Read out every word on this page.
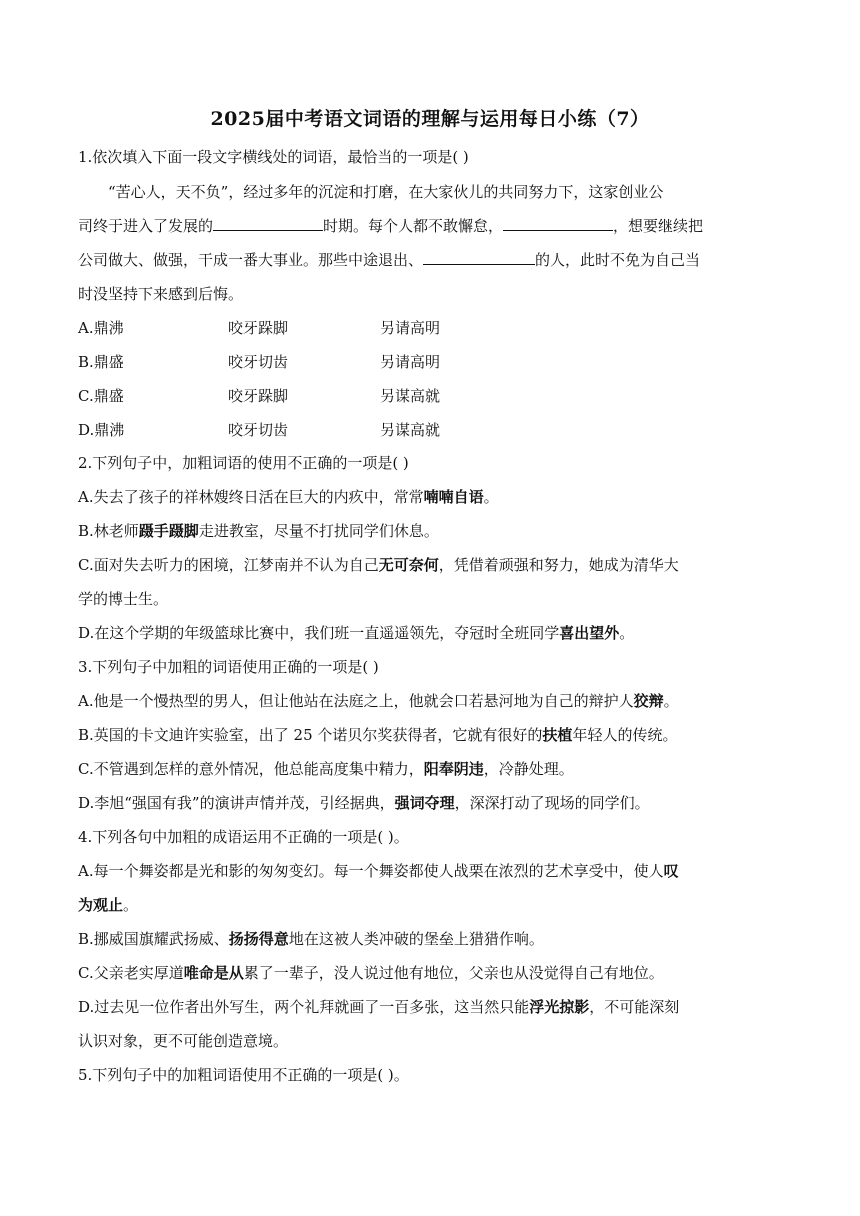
2025届中考语文词语的理解与运用每日小练（7）
1.依次填入下面一段文字横线处的词语，最恰当的一项是( )
“苦心人，天不负”，经过多年的沉淀和打磨，在大家伙儿的共同努力下，这家创业公
司终于进入了发展的	时期。每个人都不敢懈怠，	，想要继续把
公司做大、做强，干成一番大事业。那些中途退出、	的人，此时不免为自己当
时没坚持下来感到后悔。
A.鼎沸	咬牙跺脚	另请高明
B.鼎盛	咬牙切齿	另请高明
C.鼎盛	咬牙跺脚	另谋高就
D.鼎沸	咬牙切齿	另谋高就
2.下列句子中，加粗词语的使用不正确的一项是( )
A.失去了孩子的祥林嫂终日活在巨大的内疚中，常常喃喃自语。
B.林老师蹑手蹑脚走进教室，尽量不打扰同学们休息。
C.面对失去听力的困境，江梦南并不认为自己无可奈何，凭借着顽强和努力，她成为清华大
学的博士生。
D.在这个学期的年级篮球比赛中，我们班一直遥遥领先，夺冠时全班同学喜出望外。
3.下列句子中加粗的词语使用正确的一项是( )
A.他是一个慢热型的男人，但让他站在法庭之上，他就会口若悬河地为自己的辩护人狡辩。
B.英国的卡文迪许实验室，出了 25 个诺贝尔奖获得者，它就有很好的扶植年轻人的传统。
C.不管遇到怎样的意外情况，他总能高度集中精力，阳奉阴违，冷静处理。
D.李旭“强国有我”的演讲声情并茂，引经据典，强词夺理，深深打动了现场的同学们。
4.下列各句中加粗的成语运用不正确的一项是( )。
A.每一个舞姿都是光和影的匆匆变幻。每一个舞姿都使人战栗在浓烈的艺术享受中，使人叹
为观止。
B.挪威国旗耀武扬威、扬扬得意地在这被人类冲破的堡垒上猎猎作响。
C.父亲老实厚道唯命是从累了一辈子，没人说过他有地位，父亲也从没觉得自己有地位。
D.过去见一位作者出外写生，两个礼拜就画了一百多张，这当然只能浮光掠影，不可能深刻
认识对象，更不可能创造意境。
5.下列句子中的加粗词语使用不正确的一项是( )。
